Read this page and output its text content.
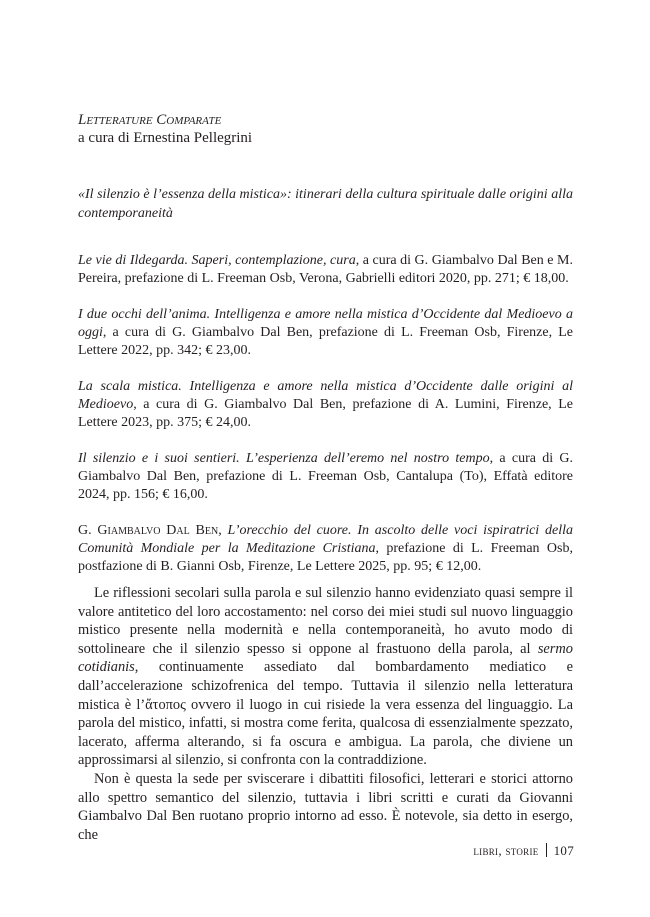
Letterature Comparate
a cura di Ernestina Pellegrini
«Il silenzio è l’essenza della mistica»: itinerari della cultura spirituale dalle origini alla contemporaneità

Le vie di Ildegarda. Saperi, contemplazione, cura, a cura di G. Giambalvo Dal Ben e M. Pereira, prefazione di L. Freeman Osb, Verona, Gabrielli editori 2020, pp. 271; € 18,00.

I due occhi dell’anima. Intelligenza e amore nella mistica d’Occidente dal Medioevo a oggi, a cura di G. Giambalvo Dal Ben, prefazione di L. Freeman Osb, Firenze, Le Lettere 2022, pp. 342; € 23,00.

La scala mistica. Intelligenza e amore nella mistica d’Occidente dalle origini al Medioevo, a cura di G. Giambalvo Dal Ben, prefazione di A. Lumini, Firenze, Le Lettere 2023, pp. 375; € 24,00.

Il silenzio e i suoi sentieri. L’esperienza dell’eremo nel nostro tempo, a cura di G. Giambalvo Dal Ben, prefazione di L. Freeman Osb, Cantalupa (To), Effatà editore 2024, pp. 156; € 16,00.

G. Giambalvo Dal Ben, L’orecchio del cuore. In ascolto delle voci ispiratrici della Comunità Mondiale per la Meditazione Cristiana, prefazione di L. Freeman Osb, postfazione di B. Gianni Osb, Firenze, Le Lettere 2025, pp. 95; € 12,00.

Le riflessioni secolari sulla parola e sul silenzio hanno evidenziato quasi sempre il valore antitetico del loro accostamento: nel corso dei miei studi sul nuovo linguaggio mistico presente nella modernità e nella contemporaneità, ho avuto modo di sottolineare che il silenzio spesso si oppone al frastuono della parola, al sermo cotidianis, continuamente assediato dal bombardamento mediatico e dall’accelerazione schizofrenica del tempo. Tuttavia il silenzio nella letteratura mistica è l’ἄτοπος ovvero il luogo in cui risiede la vera essenza del linguaggio. La parola del mistico, infatti, si mostra come ferita, qualcosa di essenzialmente spezzato, lacerato, afferma alterando, si fa oscura e ambigua. La parola, che diviene un approssimarsi al silenzio, si confronta con la contraddizione.

Non è questa la sede per sviscerare i dibattiti filosofici, letterari e storici attorno allo spettro semantico del silenzio, tuttavia i libri scritti e curati da Giovanni Giambalvo Dal Ben ruotano proprio intorno ad esso. È notevole, sia detto in esergo, che

libri, storie 107
